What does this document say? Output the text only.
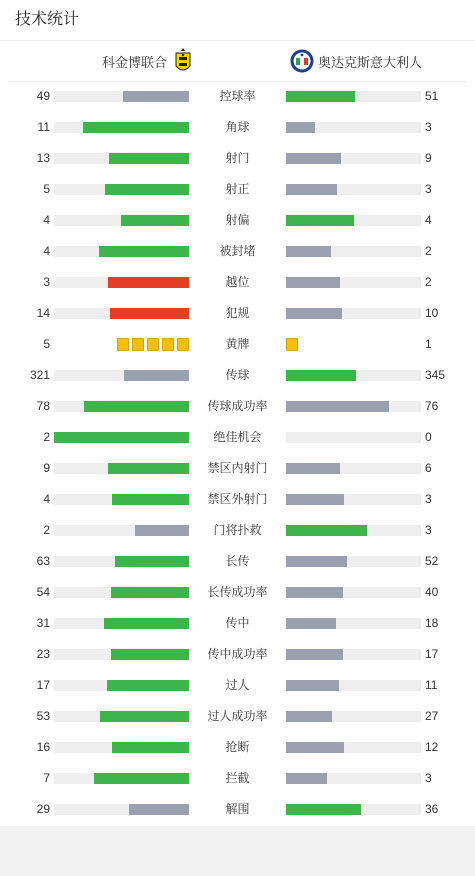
技术统计
科金博联合	奥达克斯意大利人
49	控球率	51
11	角球	3
13	射门	9
5	射正	3
4	射偏	4
4	被封堵	2
3	越位	2
14	犯规	10
5	黄牌	1
321	传球	345
78	传球成功率	76
2	绝佳机会	0
9	禁区内射门	6
4	禁区外射门	3
2	门将扑救	3
63	长传	52
54	长传成功率	40
31	传中	18
23	传中成功率	17
17	过人	11
53	过人成功率	27
16	抢断	12
7	拦截	3
29	解围	36
